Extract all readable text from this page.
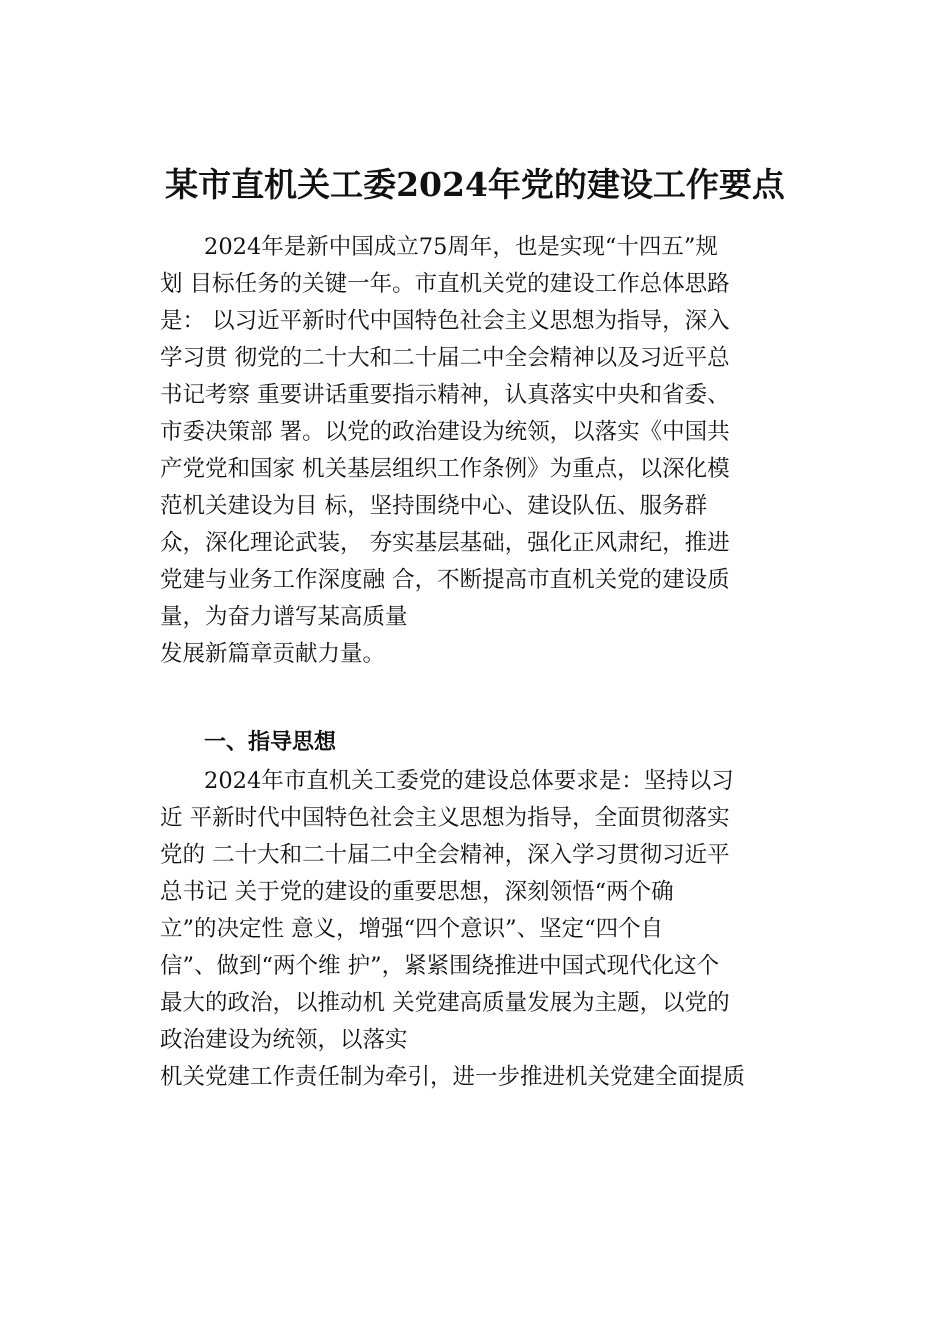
某市直机关工委2024年党的建设工作要点
2024年是新中国成立75周年，也是实现“十四五”规
划 目标任务的关键一年。市直机关党的建设工作总体思路
是： 以习近平新时代中国特色社会主义思想为指导，深入
学习贯 彻党的二十大和二十届二中全会精神以及习近平总
书记考察 重要讲话重要指示精神，认真落实中央和省委、
市委决策部 署。以党的政治建设为统领，以落实《中国共
产党党和国家 机关基层组织工作条例》为重点，以深化模
范机关建设为目 标，坚持围绕中心、建设队伍、服务群
众，深化理论武装， 夯实基层基础，强化正风肃纪，推进
党建与业务工作深度融 合，不断提高市直机关党的建设质
量，为奋力谱写某高质量
发展新篇章贡献力量。
一、指导思想
2024年市直机关工委党的建设总体要求是：坚持以习
近 平新时代中国特色社会主义思想为指导，全面贯彻落实
党的 二十大和二十届二中全会精神，深入学习贯彻习近平
总书记 关于党的建设的重要思想，深刻领悟“两个确
立”的决定性 意义，增强“四个意识”、坚定“四个自
信”、做到“两个维 护”，紧紧围绕推进中国式现代化这个
最大的政治，以推动机 关党建高质量发展为主题，以党的
政治建设为统领，以落实
机关党建工作责任制为牵引，进一步推进机关党建全面提质
